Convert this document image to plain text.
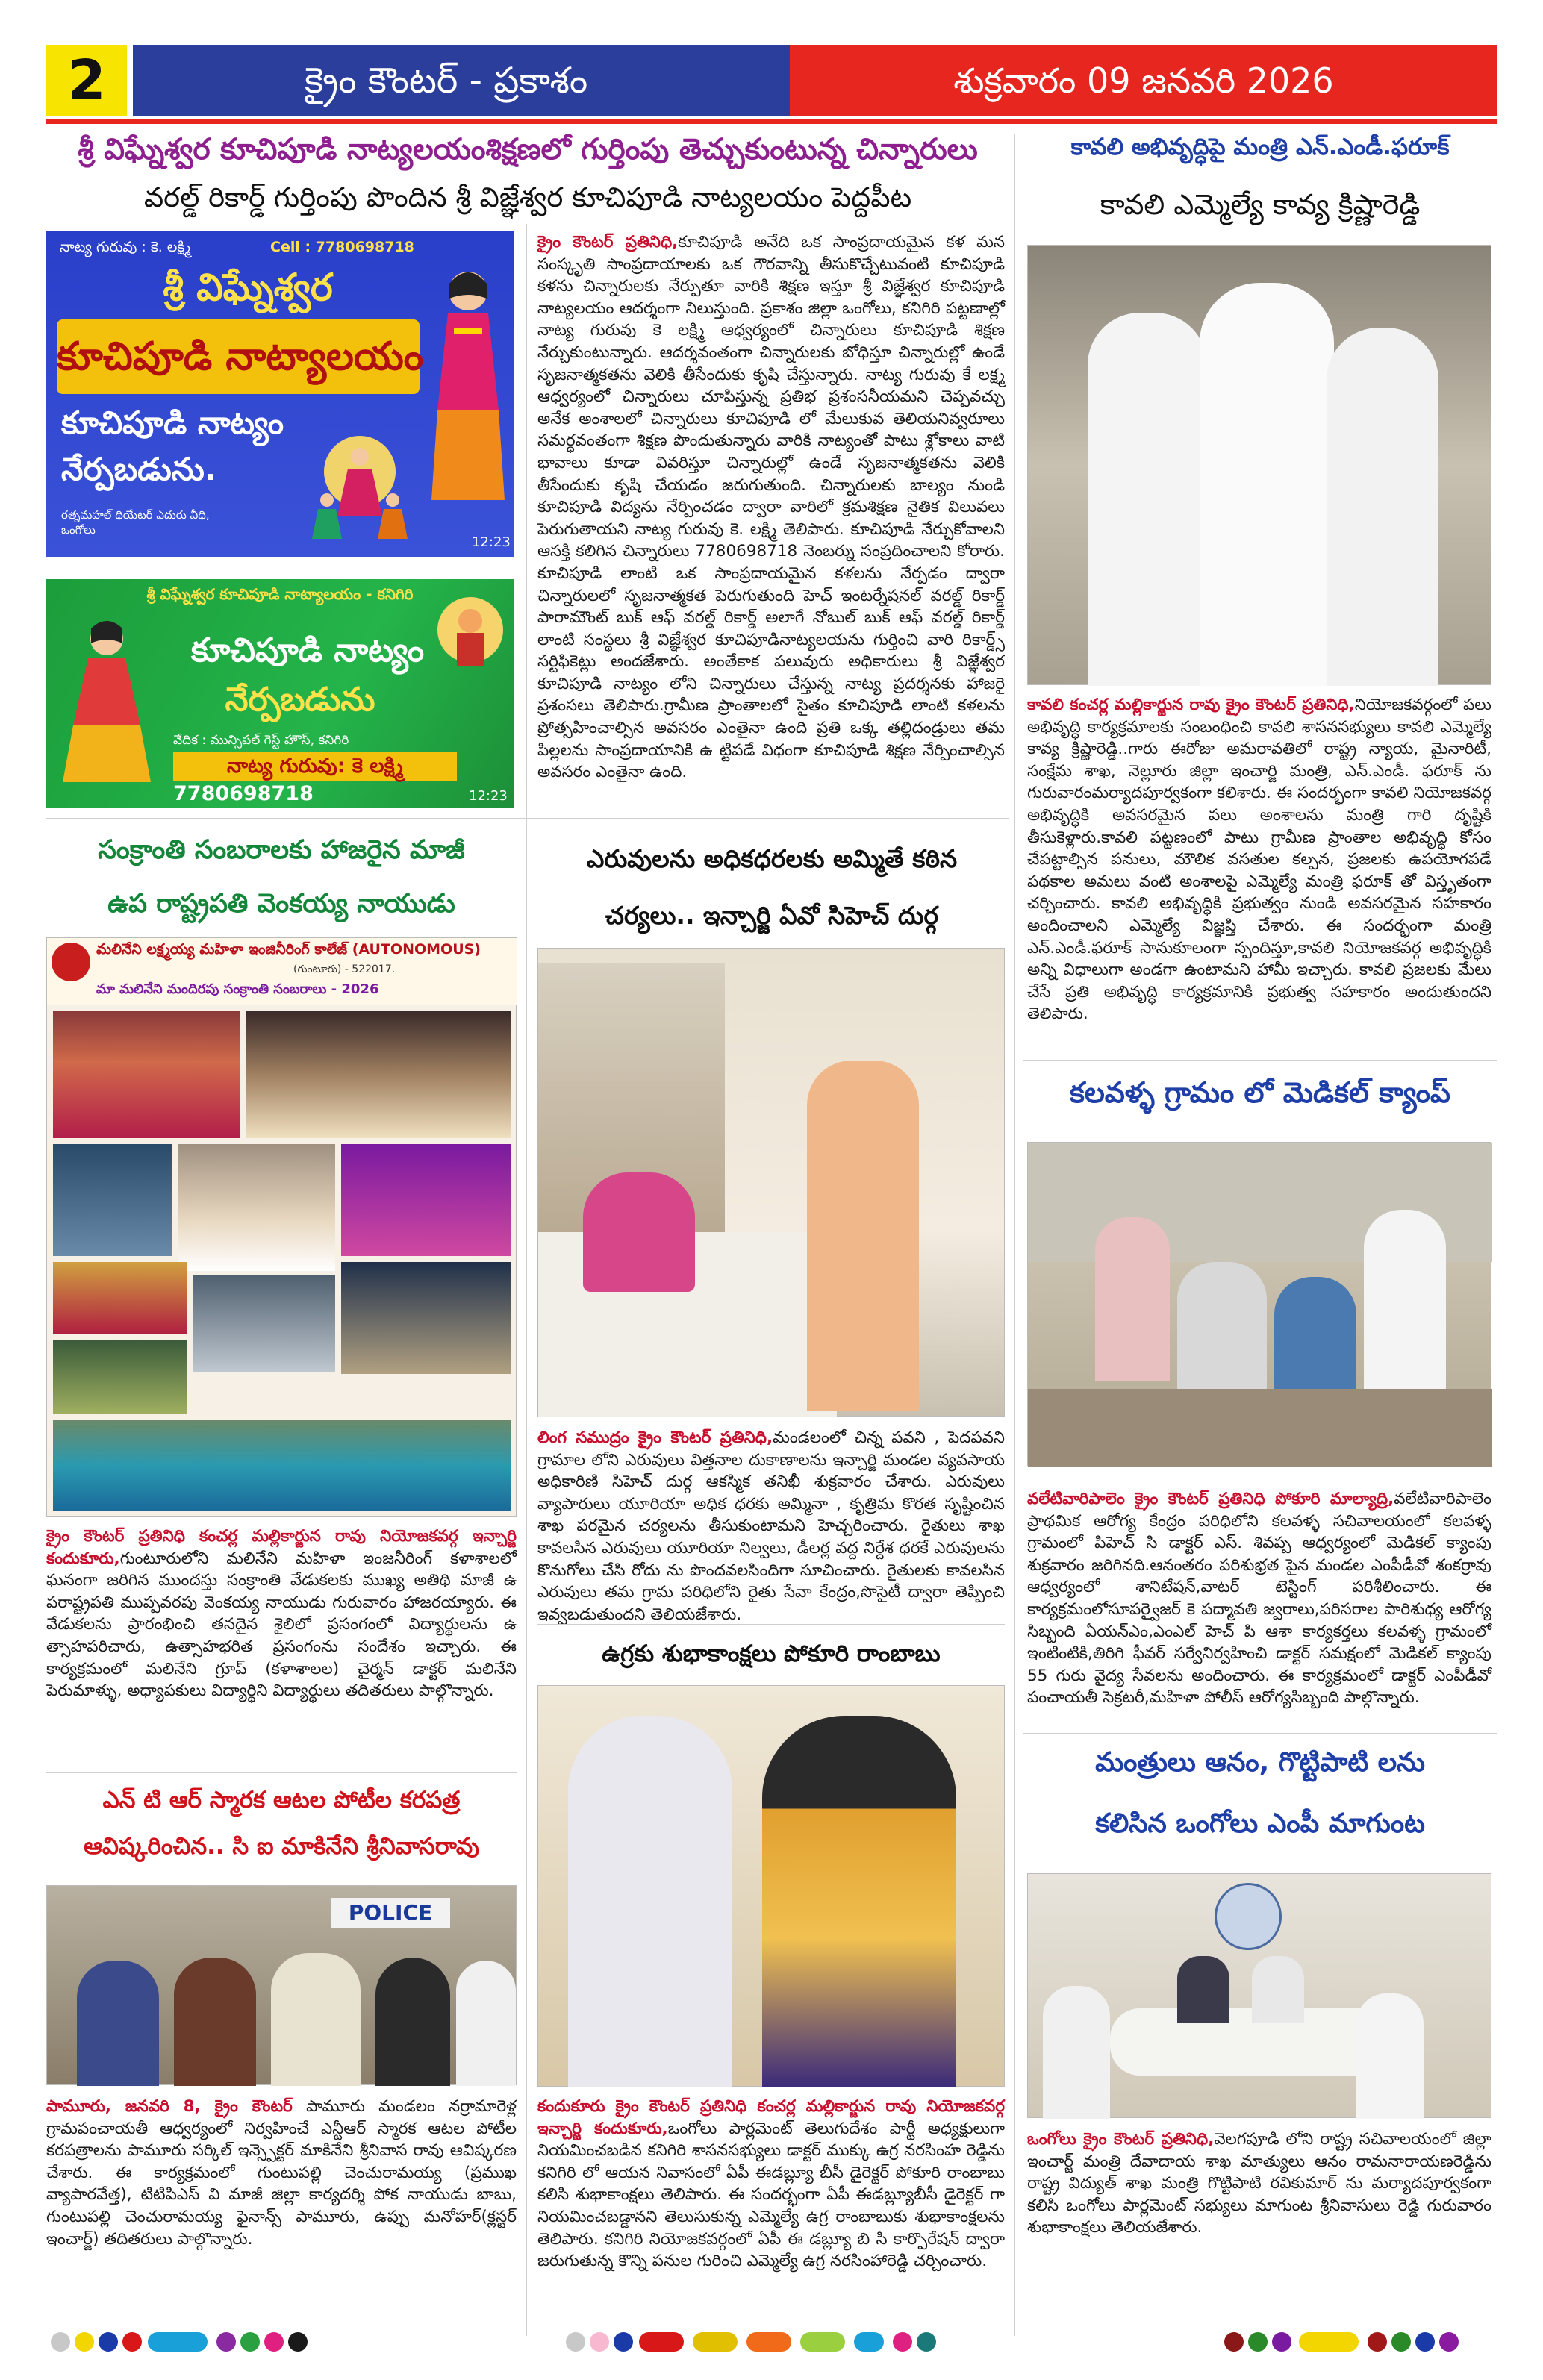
2	క్రైం కౌంటర్ - ప్రకాశం	శుక్రవారం 09 జనవరి 2026
శ్రీ విఘ్నేశ్వర కూచిపూడి నాట్యలయంశిక్షణలో గుర్తింపు తెచ్చుకుంటున్న చిన్నారులు
వరల్డ్ రికార్డ్ గుర్తింపు పొందిన శ్రీ విజ్ఞేశ్వర కూచిపూడి నాట్యలయం పెద్దపీట
నాట్య గురువు : కె. లక్ష్మి	Cell : 7780698718
శ్రీ విఘ్నేశ్వర
కూచిపూడి నాట్యాలయం
కూచిపూడి నాట్యం
నేర్పబడును.
రత్నమహల్ థియేటర్ ఎదురు వీధి, ఒంగోలు
12:23
శ్రీ విఘ్నేశ్వర కూచిపూడి నాట్యాలయం - కనిగిరి
కూచిపూడి నాట్యం
నేర్పబడును
వేదిక : మున్సిపల్ గెస్ట్ హౌస్, కనిగిరి
నాట్య గురువు: కె లక్ష్మి
7780698718	12:23
క్రైం కౌంటర్ ప్రతినిధి,కూచిపూడి అనేది ఒక సాంప్రదాయమైన కళ మన సంస్కృతి సాంప్రదాయాలకు ఒక గౌరవాన్ని తీసుకొచ్చేటువంటి కూచిపూడి కళను చిన్నారులకు నేర్పుతూ వారికి శిక్షణ ఇస్తూ శ్రీ విజ్ఞేశ్వర కూచిపూడి నాట్యలయం ఆదర్శంగా నిలుస్తుంది. ప్రకాశం జిల్లా ఒంగోలు, కనిగిరి పట్టణాల్లో నాట్య గురువు కె లక్ష్మి ఆధ్వర్యంలో చిన్నారులు కూచిపూడి శిక్షణ నేర్చుకుంటున్నారు. ఆదర్శవంతంగా చిన్నారులకు బోధిస్తూ చిన్నారుల్లో ఉండే సృజనాత్మకతను వెలికి తీసేందుకు కృషి చేస్తున్నారు. నాట్య గురువు కే లక్ష్మ ఆధ్వర్యంలో చిన్నారులు చూపిస్తున్న ప్రతిభ ప్రశంసనీయమని చెప్పవచ్చు అనేక అంశాలలో చిన్నారులు కూచిపూడి లో మేలుకువ తెలియనివ్వరూలు సమర్ధవంతంగా శిక్షణ పొందుతున్నారు వారికి నాట్యంతో పాటు శ్లోకాలు వాటి భావాలు కూడా వివరిస్తూ చిన్నారుల్లో ఉండే సృజనాత్మకతను వెలికి తీసేందుకు కృషి చేయడం జరుగుతుంది. చిన్నారులకు బాల్యం నుండి కూచిపూడి విద్యను నేర్పించడం ద్వారా వారిలో క్రమశిక్షణ నైతిక విలువలు పెరుగుతాయని నాట్య గురువు కె. లక్ష్మి తెలిపారు. కూచిపూడి నేర్చుకోవాలని ఆసక్తి కలిగిన చిన్నారులు 7780698718 నెంబర్ను సంప్రదించాలని కోరారు. కూచిపూడి లాంటి ఒక సాంప్రదాయమైన కళలను నేర్పడం ద్వారా చిన్నారులలో సృజనాత్మకత పెరుగుతుంది హెచ్ ఇంటర్నేషనల్ వరల్డ్ రికార్డ్ పారామౌంట్ బుక్ ఆఫ్ వరల్డ్ రికార్డ్ అలాగే నోబుల్ బుక్ ఆఫ్ వరల్డ్ రికార్డ్ లాంటి సంస్థలు శ్రీ విజ్ఞేశ్వర కూచిపూడినాట్యలయను గుర్తించి వారి రికార్డ్స్ సర్టిఫికెట్లు అందజేశారు. అంతేకాక పలువురు అధికారులు శ్రీ విజ్ఞేశ్వర కూచిపూడి నాట్యం లోని చిన్నారులు చేస్తున్న నాట్య ప్రదర్శనకు హాజరై ప్రశంసలు తెలిపారు.గ్రామీణ ప్రాంతాలలో సైతం కూచిపూడి లాంటి కళలను ప్రోత్సహించాల్సిన అవసరం ఎంతైనా ఉంది ప్రతి ఒక్క తల్లిదండ్రులు తమ పిల్లలను సాంప్రదాయానికి ఉ ట్టిపడే విధంగా కూచిపూడి శిక్షణ నేర్పించాల్సిన అవసరం ఎంతైనా ఉంది.
సంక్రాంతి సంబరాలకు హాజరైన మాజీ
ఉప రాష్ట్రపతి వెంకయ్య నాయుడు
మలినేని లక్ష్మయ్య మహిళా ఇంజినీరింగ్ కాలేజ్ (AUTONOMOUS)
(గుంటూరు) - 522017.
మా మలినేని మందిరపు సంక్రాంతి సంబరాలు - 2026
క్రైం కౌంటర్ ప్రతినిధి కంచర్ల మల్లికార్జున రావు నియోజకవర్గ ఇన్చార్జి కందుకూరు,గుంటూరులోని మలినేని మహిళా ఇంజనీరింగ్ కళాశాలలో ఘనంగా జరిగిన ముందస్తు సంక్రాంతి వేడుకలకు ముఖ్య అతిథి మాజీ ఉ పరాష్ట్రపతి ముప్పవరపు వెంకయ్య నాయుడు గురువారం హాజరయ్యారు. ఈ వేడుకలను ప్రారంభించి తనదైన శైలిలో ప్రసంగంలో విద్యార్థులను ఉ త్సాహపరిచారు, ఉత్సాహభరిత ప్రసంగంను సందేశం ఇచ్చారు. ఈ కార్యక్రమంలో మలినేని గ్రూప్ (కళాశాలల) చైర్మన్ డాక్టర్ మలినేని పెరుమాళ్ళు, అధ్యాపకులు విద్యార్థిని విద్యార్థులు తదితరులు పాల్గొన్నారు.
ఎన్ టి ఆర్ స్మారక ఆటల పోటీల కరపత్ర
ఆవిష్కరించిన.. సి ఐ మాకినేని శ్రీనివాసరావు
POLICE
పామూరు, జనవరి 8, క్రైం కౌంటర్ పామూరు మండలం నర్రామారెళ్ల గ్రామపంచాయతీ ఆధ్వర్యంలో నిర్వహించే ఎన్టీఆర్ స్మారక ఆటల పోటీల కరపత్రాలను పామూరు సర్కిల్ ఇన్స్పెక్టర్ మాకినేని శ్రీనివాస రావు ఆవిష్కరణ చేశారు. ఈ కార్యక్రమంలో గుంటుపల్లి చెంచురామయ్య (ప్రముఖ వ్యాపారవేత్త), టిటిపిఎస్ వి మాజీ జిల్లా కార్యదర్శి పోక నాయుడు బాబు, గుంటుపల్లి చెంచురామయ్య ఫైనాన్స్ పామూరు, ఉప్పు మనోహర్(క్లస్టర్ ఇంచార్జ్) తదితరులు పాల్గొన్నారు.
ఎరువులను అధికధరలకు అమ్మితే కఠిన
చర్యలు.. ఇన్చార్జి ఏవో సిహెచ్ దుర్గ
లింగ సముద్రం క్రైం కౌంటర్ ప్రతినిధి,మండలంలో చిన్న పవని , పెదపవని గ్రామాల లోని ఎరువులు విత్తనాల దుకాణాలను ఇన్చార్జి మండల వ్యవసాయ అధికారిణి సిహెచ్ దుర్గ ఆకస్మిక తనిఖీ శుక్రవారం చేశారు. ఎరువులు వ్యాపారులు యూరియా అధిక ధరకు అమ్మినా , కృత్రిమ కొరత సృష్టించిన శాఖ పరమైన చర్యలను తీసుకుంటామని హెచ్చరించారు. రైతులు శాఖ కావలసిన ఎరువులు యూరియా నిల్వలు, డీలర్ల వద్ద నిర్దేశ ధరకే ఎరువులను కొనుగోలు చేసి రోదు ను పొందవలసిందిగా సూచించారు. రైతులకు కావలసిన ఎరువులు తమ గ్రామ పరిధిలోని రైతు సేవా కేంద్రం,సొసైటీ ద్వారా తెప్పించి ఇవ్వబడుతుందని తెలియజేశారు.
ఉగ్రకు శుభాకాంక్షలు పోకూరి రాంబాబు
కందుకూరు క్రైం కౌంటర్ ప్రతినిధి కంచర్ల మల్లికార్జున రావు నియోజకవర్గ ఇన్చార్జి కందుకూరు,ఒంగోలు పార్లమెంట్ తెలుగుదేశం పార్టీ అధ్యక్షులుగా నియమించబడిన కనిగిరి శాసనసభ్యులు డాక్టర్ ముక్కు ఉగ్ర నరసింహ రెడ్డిను కనిగిరి లో ఆయన నివాసంలో ఏపీ ఈడబ్ల్యూ బీసీ డైరెక్టర్ పోకూరి రాంబాబు కలిసి శుభాకాంక్షలు తెలిపారు. ఈ సందర్భంగా ఏపీ ఈడబ్ల్యూబీసీ డైరెక్టర్ గా నియమించబడ్డానని తెలుసుకున్న ఎమ్మెల్యే ఉగ్ర రాంబాబుకు శుభాకాంక్షలను తెలిపారు. కనిగిరి నియోజకవర్గంలో ఏపీ ఈ డబ్ల్యూ బి సి కార్పొరేషన్ ద్వారా జరుగుతున్న కొన్ని పనుల గురించి ఎమ్మెల్యే ఉగ్ర నరసింహారెడ్డి చర్చించారు.
కావలి అభివృద్ధిపై మంత్రి ఎన్.ఎండీ.ఫరూక్
కావలి ఎమ్మెల్యే కావ్య క్రిష్ణారెడ్డి
కావలి కంచర్ల మల్లికార్జున రావు క్రైం కౌంటర్ ప్రతినిధి,నియోజకవర్గంలో పలు అభివృద్ధి కార్యక్రమాలకు సంబంధించి కావలి శాసనసభ్యులు కావలి ఎమ్మెల్యే కావ్య క్రిష్ణారెడ్డి..గారు ఈరోజు అమరావతిలో రాష్ట్ర న్యాయ, మైనారిటీ, సంక్షేమ శాఖ, నెల్లూరు జిల్లా ఇంచార్జి మంత్రి, ఎన్.ఎండీ. ఫరూక్ ను గురువారంమర్యాదపూర్వకంగా కలిశారు. ఈ సందర్భంగా కావలి నియోజకవర్గ అభివృద్ధికి అవసరమైన పలు అంశాలను మంత్రి గారి దృష్టికి తీసుకెళ్లారు.కావలి పట్టణంలో పాటు గ్రామీణ ప్రాంతాల అభివృద్ధి కోసం చేపట్టాల్సిన పనులు, మౌలిక వసతుల కల్పన, ప్రజలకు ఉపయోగపడే పథకాల అమలు వంటి అంశాలపై ఎమ్మెల్యే మంత్రి ఫరూక్ తో విస్తృతంగా చర్చించారు. కావలి అభివృద్ధికి ప్రభుత్వం నుండి అవసరమైన సహకారం అందించాలని ఎమ్మెల్యే విజ్ఞప్తి చేశారు. ఈ సందర్భంగా మంత్రి ఎన్.ఎండీ.ఫరూక్ సానుకూలంగా స్పందిస్తూ,కావలి నియోజకవర్గ అభివృద్ధికి అన్ని విధాలుగా అండగా ఉంటామని హామీ ఇచ్చారు. కావలి ప్రజలకు మేలు చేసే ప్రతి అభివృద్ధి కార్యక్రమానికి ప్రభుత్వ సహకారం అందుతుందని తెలిపారు.
కలవళ్ళ గ్రామం లో మెడికల్ క్యాంప్
వలేటివారిపాలెం క్రైం కౌంటర్ ప్రతినిధి పోకూరి మాల్యాద్రి,వలేటివారిపాలెం ప్రాథమిక ఆరోగ్య కేంద్రం పరిధిలోని కలవళ్ళ సచివాలయంలో కలవళ్ళ గ్రామంలో పిహెచ్ సి డాక్టర్ ఎస్. శివప్ప ఆధ్వర్యంలో మెడికల్ క్యాంపు శుక్రవారం జరిగినది.ఆనంతరం పరిశుభ్రత పైన మండల ఎంపీడీవో శంకర్రావు ఆధ్వర్యంలో శానిటేషన్,వాటర్ టెస్టింగ్ పరిశీలించారు. ఈ కార్యక్రమంలోసూపర్వైజర్ కె పద్మావతి జ్వరాలు,పరిసరాల పారిశుధ్య ఆరోగ్య సిబ్బంది ఏయన్ఎం,ఎంఎల్ హెచ్ పి ఆశా కార్యకర్తలు కలవళ్ళ గ్రామంలో ఇంటింటికి,తిరిగి ఫీవర్ సర్వేనిర్వహించి డాక్టర్ సమక్షంలో మెడికల్ క్యాంపు 55 గురు వైద్య సేవలను అందించారు. ఈ కార్యక్రమంలో డాక్టర్ ఎంపీడీవో పంచాయతీ సెక్రటరీ,మహిళా పోలీస్ ఆరోగ్యసిబ్బంది పాల్గొన్నారు.
మంత్రులు ఆనం, గొట్టిపాటి లను
కలిసిన ఒంగోలు ఎంపీ మాగుంట
ఒంగోలు క్రైం కౌంటర్ ప్రతినిధి,వెలగపూడి లోని రాష్ట్ర సచివాలయంలో జిల్లా ఇంచార్జ్ మంత్రి దేవాదాయ శాఖ మాత్యులు ఆనం రామనారాయణరెడ్డిను రాష్ట్ర విద్యుత్ శాఖ మంత్రి గొట్టిపాటి రవికుమార్ ను మర్యాదపూర్వకంగా కలిసి ఒంగోలు పార్లమెంట్ సభ్యులు మాగుంట శ్రీనివాసులు రెడ్డి గురువారం శుభాకాంక్షలు తెలియజేశారు.
